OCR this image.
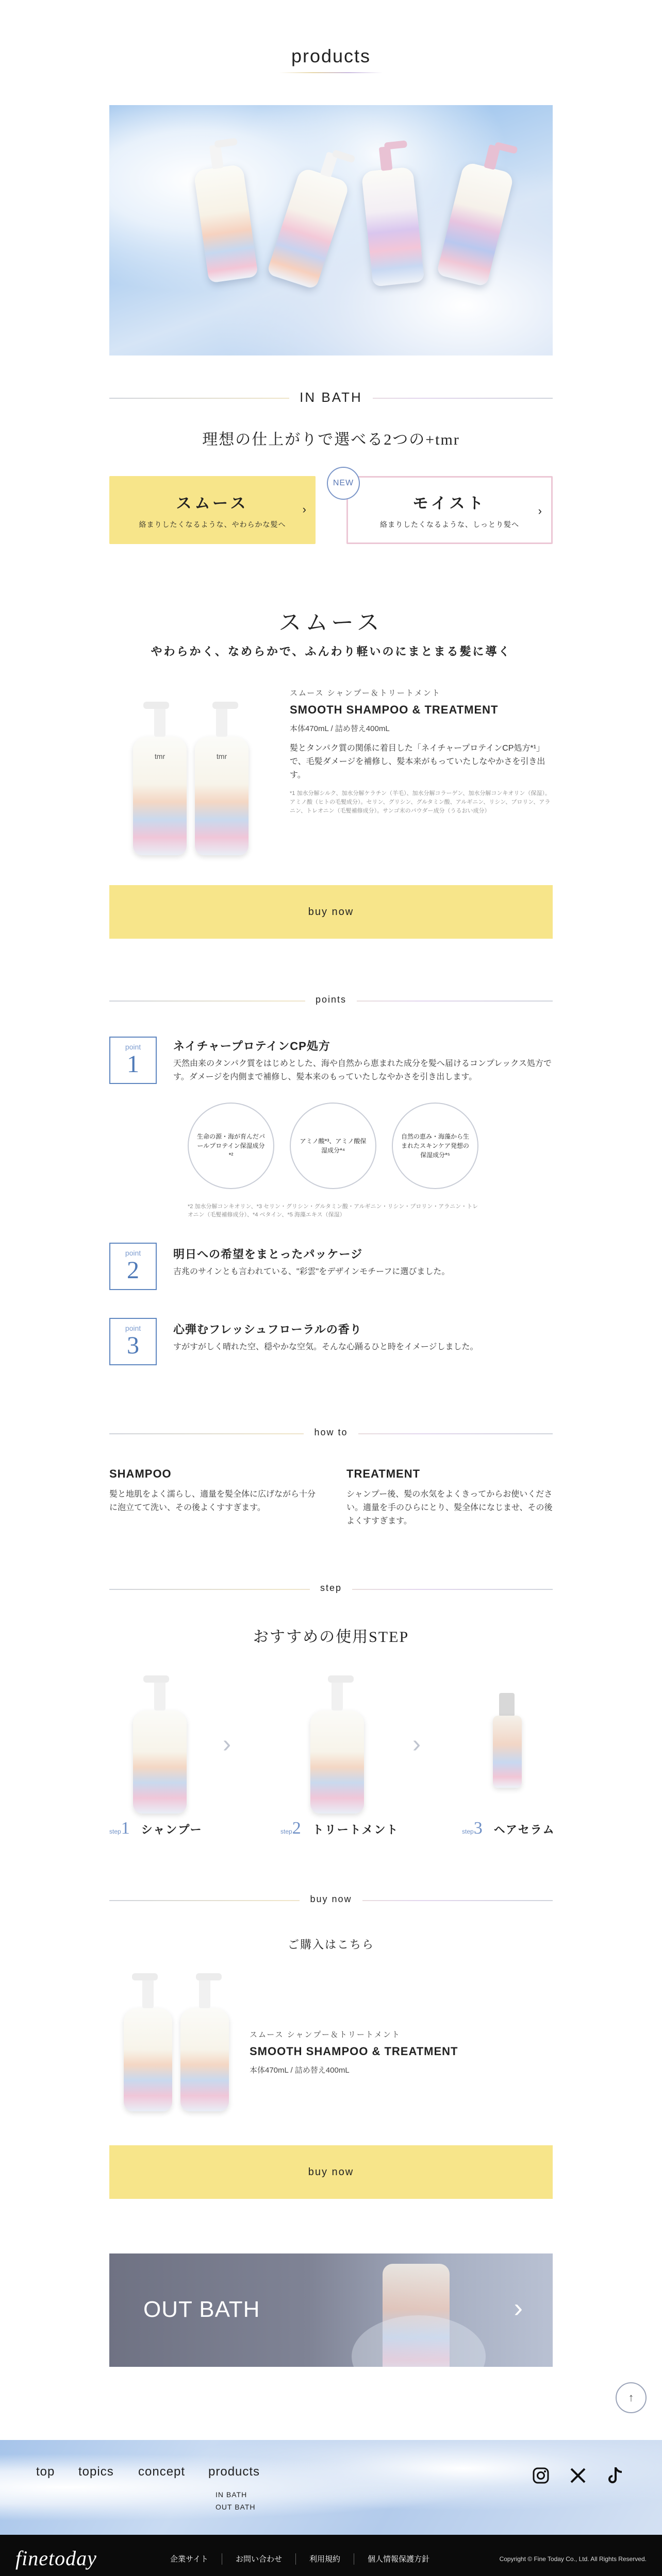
products
IN BATH
理想の仕上がりで選べる2つの+tmr
スムース
絡まりしたくなるような、やわらかな髪へ
›	モイスト
絡まりしたくなるような、しっとり髪へ
›
NEW
スムース
やわらかく、なめらかで、ふんわり軽いのにまとまる髪に導く
tmr	tmr
スムース シャンプー＆トリートメント
SMOOTH SHAMPOO & TREATMENT
本体470mL / 詰め替え400mL
髪とタンパク質の関係に着目した「ネイチャープロテインCP処方*¹」で、毛髪ダメージを補修し、髪本来がもっていたしなやかさを引き出す。
*1 加水分解シルク、加水分解ケラチン（羊毛）、加水分解コラーゲン、加水分解コンキオリン（保湿）。アミノ酸（ヒトの毛髪成分）。セリン、グリシン、グルタミン酸、アルギニン、リシン、プロリン、アラニン、トレオニン（毛髪補修成分）。サンゴ末のパウダー成分（うるおい成分）
buy now
points
point
1
ネイチャープロテインCP処方
天然由来のタンパク質をはじめとした、海や自然から恵まれた成分を髪へ届けるコンプレックス処方です。ダメージを内側まで補修し、髪本来のもっていたしなやかさを引き出します。
生命の源・海が育んだパールプロテイン保湿成分*²
アミノ酸*³、アミノ酸保湿成分*⁴
自然の恵み・海藻から生まれたスキンケア発想の保湿成分*⁵
*2 加水分解コンキオリン、*3 セリン・グリシン・グルタミン酸・アルギニン・リシン・プロリン・アラニン・トレオニン（毛髪補修成分）、*4 ベタイン、*5 海藻エキス（保湿）
point
2
明日への希望をまとったパッケージ
吉兆のサインとも言われている、"彩雲"をデザインモチーフに選びました。
point
3
心弾むフレッシュフローラルの香り
すがすがしく晴れた空、穏やかな空気。そんな心踊るひと時をイメージしました。
how to
SHAMPOO
髪と地肌をよく濡らし、適量を髪全体に広げながら十分に泡立てて洗い、その後よくすすぎます。
TREATMENT
シャンプー後、髪の水気をよくきってからお使いください。適量を手のひらにとり、髪全体になじませ、その後よくすすぎます。
step
おすすめの使用STEP
›	›
step 1 シャンプー	step 2 トリートメント	step 3 ヘアセラム
buy now
ご購入はこちら
スムース シャンプー＆トリートメント
SMOOTH SHAMPOO & TREATMENT
本体470mL / 詰め替え400mL
buy now
OUT BATH	›
↑
top topics concept products
IN BATH
OUT BATH
finetoday	企業サイト	お問い合わせ	利用規約	個人情報保護方針	Copyright © Fine Today Co., Ltd. All Rights Reserved.
